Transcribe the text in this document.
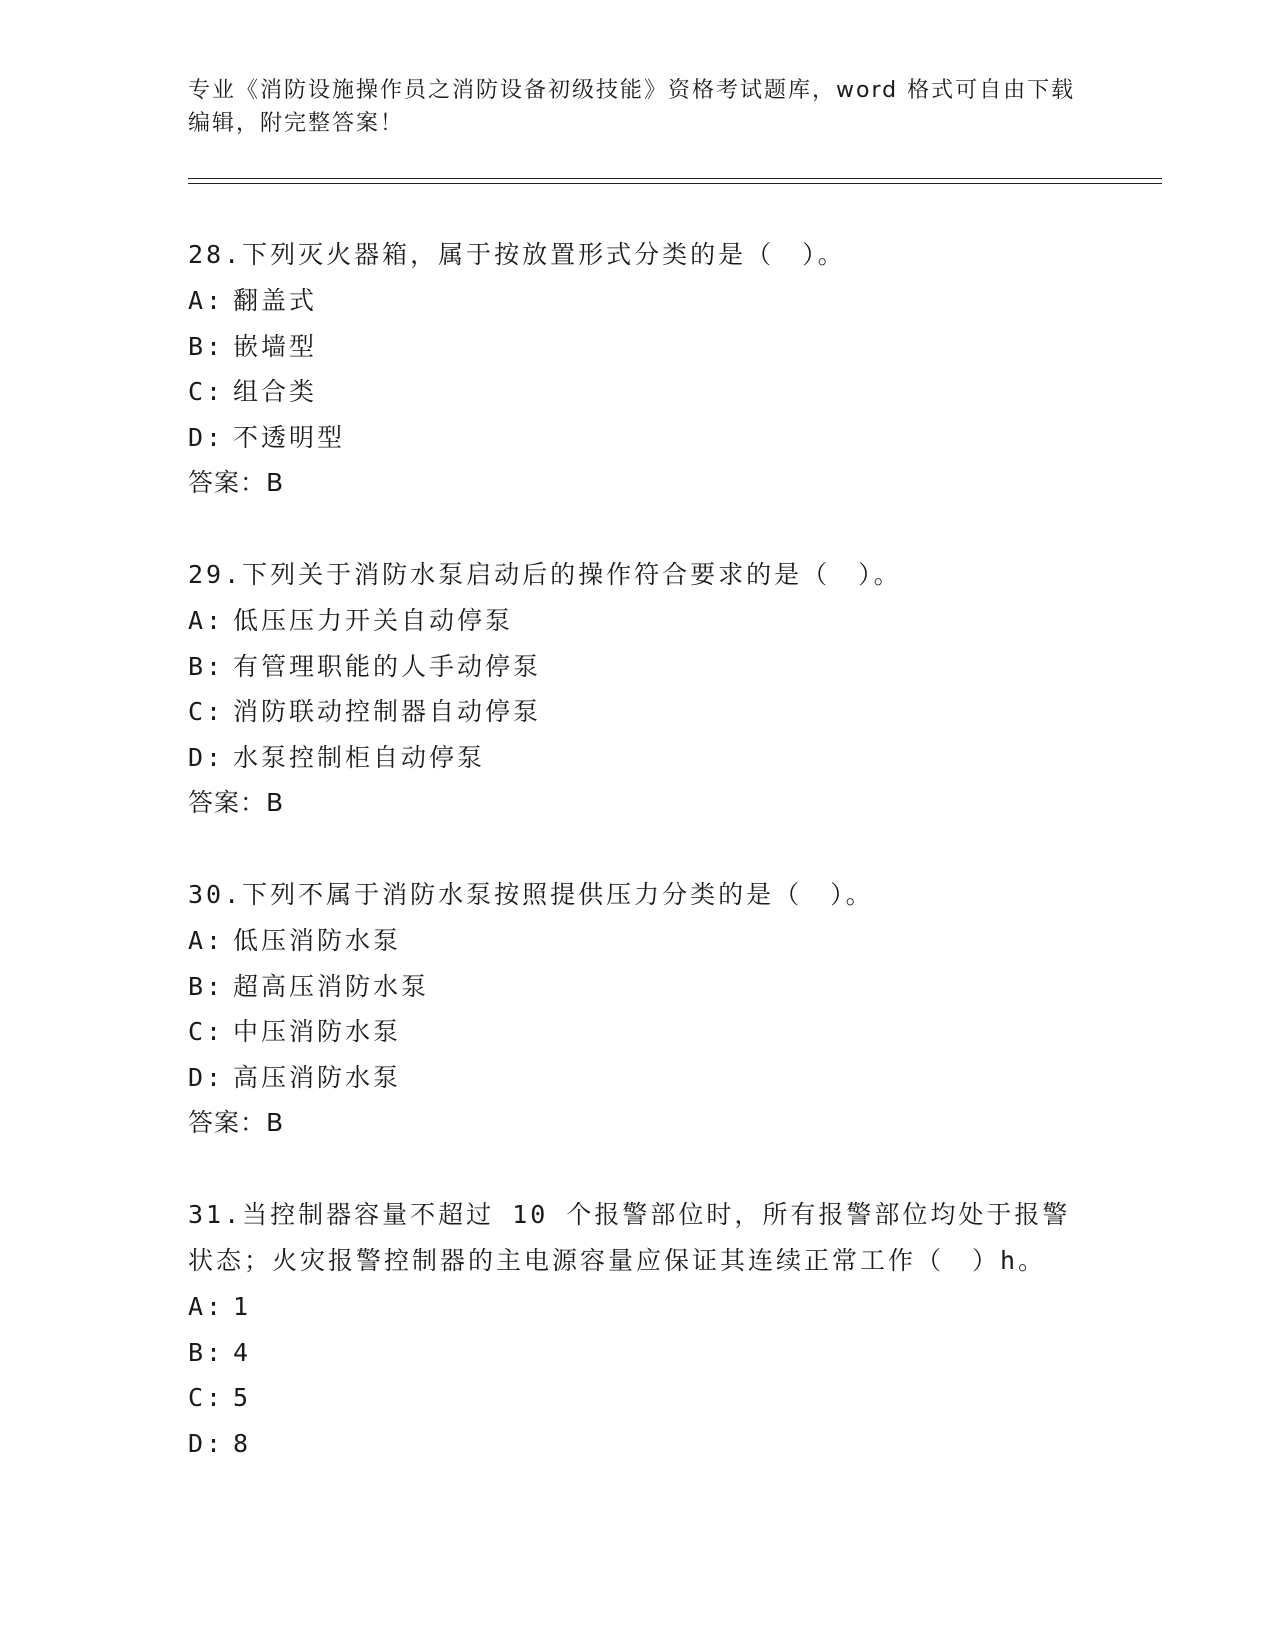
专业《消防设施操作员之消防设备初级技能》资格考试题库，word 格式可自由下载编辑，附完整答案！

28.下列灭火器箱，属于按放置形式分类的是（　）。

A: 翻盖式

B: 嵌墙型

C: 组合类

D: 不透明型

答案：B

29.下列关于消防水泵启动后的操作符合要求的是（　）。

A: 低压压力开关自动停泵

B: 有管理职能的人手动停泵

C: 消防联动控制器自动停泵

D: 水泵控制柜自动停泵

答案：B

30.下列不属于消防水泵按照提供压力分类的是（　）。

A: 低压消防水泵

B: 超高压消防水泵

C: 中压消防水泵

D: 高压消防水泵

答案：B

31.当控制器容量不超过 10 个报警部位时，所有报警部位均处于报警状态；火灾报警控制器的主电源容量应保证其连续正常工作（　）h。

A: 1

B: 4

C: 5

D: 8
